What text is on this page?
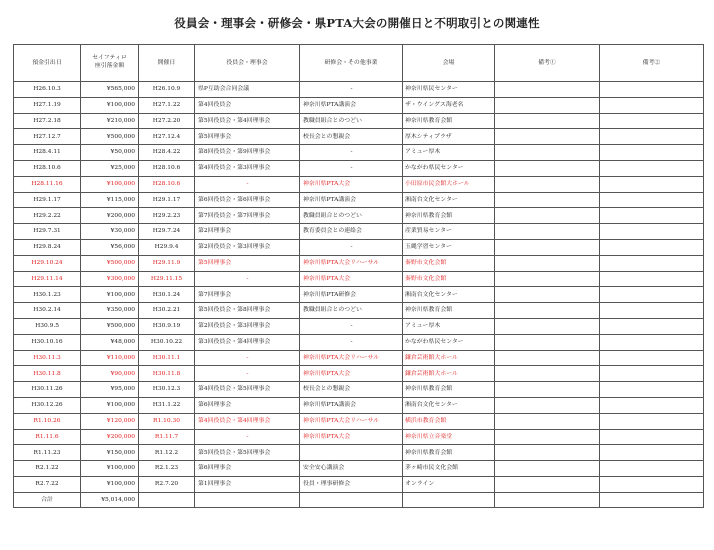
役員会・理事会・研修会・県PTA大会の開催日と不明取引との関連性
預金引出日	セイフティロ
座引落金額	開催日	役員会・理事会	研修会・その他事業	会場	備考①	備考②
H26.10.3	¥565,000	H26.10.9	県P互助会合同会議	-	神奈川県民センター		
H27.1.19	¥100,000	H27.1.22	第4回役員会	神奈川県PTA講演会	ザ・ウイングス海老名		
H27.2.18	¥210,000	H27.2.20	第5回役員会・第4回理事会	教職員組合とのつどい	神奈川県教育会館		
H27.12.7	¥500,000	H27.12.4	第5回理事会	校長会との懇親会	厚木シティプラザ		
H28.4.11	¥50,000	H28.4.22	第8回役員会・第9回理事会	-	アミュー厚木		
H28.10.6	¥25,000	H28.10.6	第4回役員会・第3回理事会	-	かながわ県民センター		
H28.11.16	¥100,000	H28.10.6	-	神奈川県PTA大会	小田原市民会館大ホール		
H29.1.17	¥115,000	H29.1.17	第6回役員会・第6回理事会	神奈川県PTA講演会	湘南台文化センター		
H29.2.22	¥200,000	H29.2.23	第7回役員会・第7回理事会	教職員組合とのつどい	神奈川県教育会館		
H29.7.31	¥30,000	H29.7.24	第2回理事会	教育委員会との連絡会	産業貿易センター		
H29.8.24	¥56,000	H29.9.4	第2回役員会・第3回理事会	-	玉縄学習センター		
H29.10.24	¥500,000	H29.11.9	第5回理事会	神奈川県PTA大会リハーサル	秦野市文化会館		
H29.11.14	¥300,000	H29.11.15	-	神奈川県PTA大会	秦野市文化会館		
H30.1.23	¥100,000	H30.1.24	第7回理事会	神奈川県PTA研修会	湘南台文化センター		
H30.2.14	¥350,000	H30.2.21	第5回役員会・第8回理事会	教職員組合とのつどい	神奈川県教育会館		
H30.9.5	¥500,000	H30.9.19	第2回役員会・第3回理事会	-	アミュー厚木		
H30.10.16	¥48,000	H30.10.22	第3回役員会・第4回理事会	-	かながわ県民センター		
H30.11.3	¥110,000	H30.11.1	-	神奈川県PTA大会リハーサル	鎌倉芸術館大ホール		
H30.11.8	¥90,000	H30.11.8	-	神奈川県PTA大会	鎌倉芸術館大ホール		
H30.11.26	¥95,000	H30.12.3	第4回役員会・第5回理事会	校長会との懇親会	神奈川県教育会館		
H30.12.26	¥100,000	H31.1.22	第6回理事会	神奈川県PTA講演会	湘南台文化センター		
R1.10.26	¥120,000	R1.10.30	第4回役員会・第4回理事会	神奈川県PTA大会リハーサル	横浜市教育会館		
R1.11.6	¥200,000	R1.11.7	-	神奈川県PTA大会	神奈川県立音楽堂		
R1.11.23	¥150,000	R1.12.2	第5回役員会・第5回理事会		神奈川県教育会館		
R2.1.22	¥100,000	R2.1.23	第6回理事会	安全安心講演会	茅ヶ崎市民文化会館		
R2.7.22	¥100,000	R2.7.20	第1回理事会	役員・理事研修会	オンライン		
合計	¥5,014,000						
